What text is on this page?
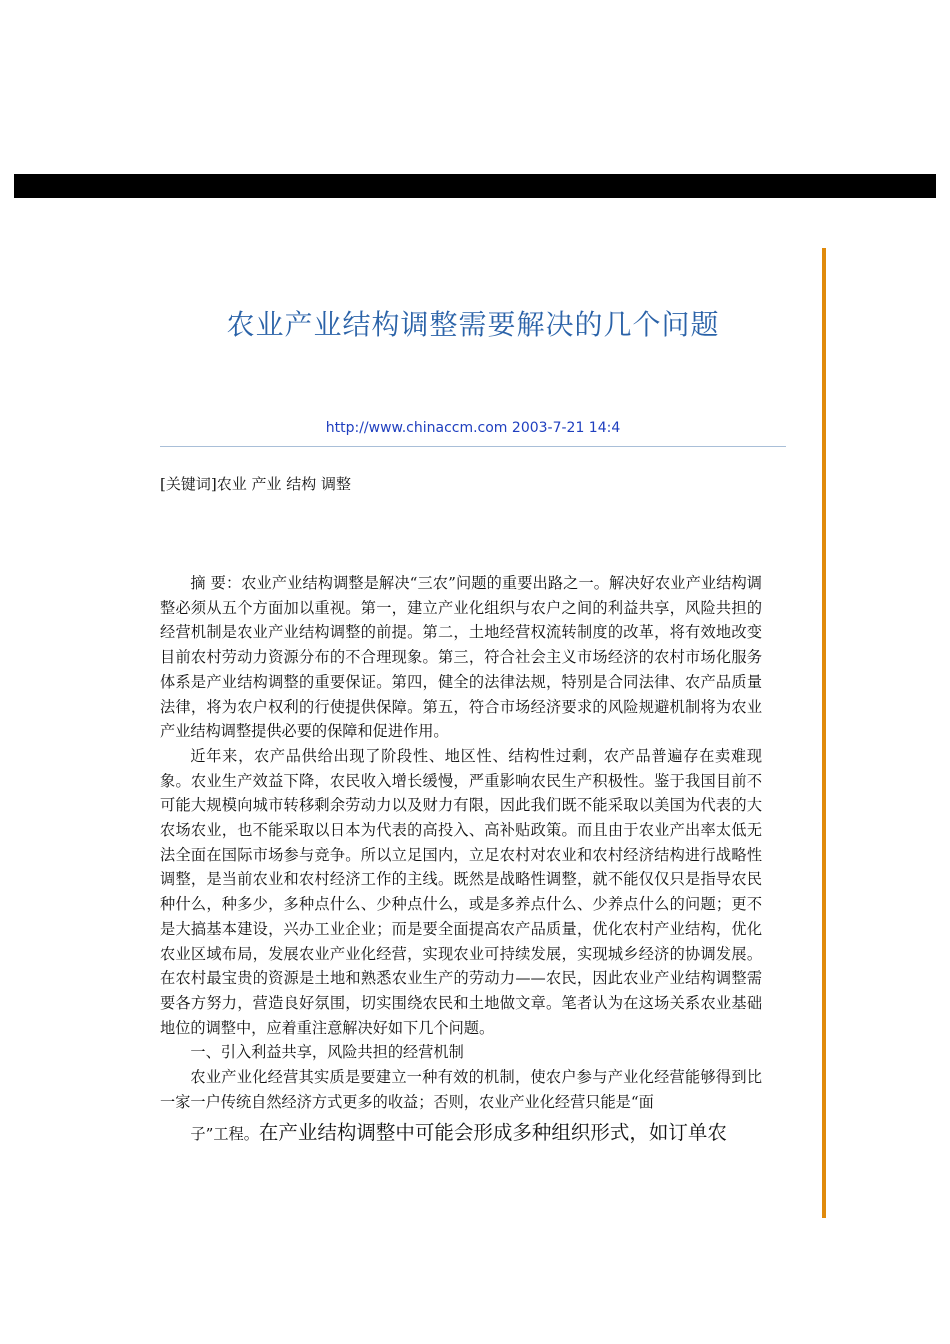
农业产业结构调整需要解决的几个问题
http://www.chinaccm.com 2003-7-21 14:4
[关键词]农业 产业 结构 调整

摘 要：农业产业结构调整是解决“三农”问题的重要出路之一。解决好农业产业结构调整必须从五个方面加以重视。第一，建立产业化组织与农户之间的利益共享，风险共担的经营机制是农业产业结构调整的前提。第二，土地经营权流转制度的改革，将有效地改变目前农村劳动力资源分布的不合理现象。第三，符合社会主义市场经济的农村市场化服务体系是产业结构调整的重要保证。第四，健全的法律法规，特别是合同法律、农产品质量法律，将为农户权利的行使提供保障。第五，符合市场经济要求的风险规避机制将为农业产业结构调整提供必要的保障和促进作用。

近年来，农产品供给出现了阶段性、地区性、结构性过剩，农产品普遍存在卖难现象。农业生产效益下降，农民收入增长缓慢，严重影响农民生产积极性。鉴于我国目前不可能大规模向城市转移剩余劳动力以及财力有限，因此我们既不能采取以美国为代表的大农场农业，也不能采取以日本为代表的高投入、高补贴政策。而且由于农业产出率太低无法全面在国际市场参与竞争。所以立足国内，立足农村对农业和农村经济结构进行战略性调整，是当前农业和农村经济工作的主线。既然是战略性调整，就不能仅仅只是指导农民种什么，种多少，多种点什么、少种点什么，或是多养点什么、少养点什么的问题；更不是大搞基本建设，兴办工业企业；而是要全面提高农产品质量，优化农村产业结构，优化农业区域布局，发展农业产业化经营，实现农业可持续发展，实现城乡经济的协调发展。在农村最宝贵的资源是土地和熟悉农业生产的劳动力——农民，因此农业产业结构调整需要各方努力，营造良好氛围，切实围绕农民和土地做文章。笔者认为在这场关系农业基础地位的调整中，应着重注意解决好如下几个问题。

一、引入利益共享，风险共担的经营机制

农业产业化经营其实质是要建立一种有效的机制，使农户参与产业化经营能够得到比一家一户传统自然经济方式更多的收益；否则，农业产业化经营只能是“面

子”工程。在产业结构调整中可能会形成多种组织形式，如订单农
